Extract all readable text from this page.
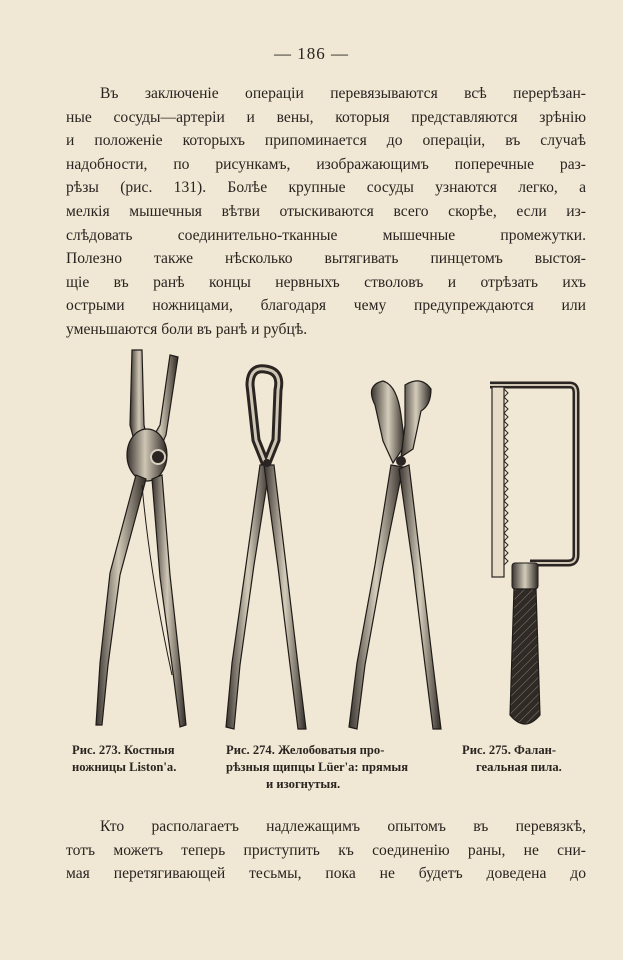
— 186 —
Въ заключеніе операціи перевязываются всѣ перерѣзан-
ные сосуды—артеріи и вены, которыя представляются зрѣнію
и положеніе которыхъ припоминается до операціи, въ случаѣ
надобности, по рисункамъ, изображающимъ поперечные раз-
рѣзы (рис. 131). Болѣе крупные сосуды узнаются легко, а
мелкія мышечныя вѣтви отыскиваются всего скорѣе, если из-
слѣдовать соединительно-тканные мышечные промежутки.
Полезно также нѣсколько вытягивать пинцетомъ выстоя-
щіе въ ранѣ концы нервныхъ стволовъ и отрѣзать ихъ
острыми ножницами, благодаря чему предупреждаются или
уменьшаются боли въ ранѣ и рубцѣ.
Рис. 273. Костныя
ножницы Liston'a.
Рис. 274. Желобоватыя про-
рѣзныя щипцы Lüer'a: прямыя
и изогнутыя.
Рис. 275. Фалан-
геальная пила.
Кто располагаетъ надлежащимъ опытомъ въ перевязкѣ,
тотъ можетъ теперь приступить къ соединенію раны, не сни-
мая перетягивающей тесьмы, пока не будетъ доведена до
